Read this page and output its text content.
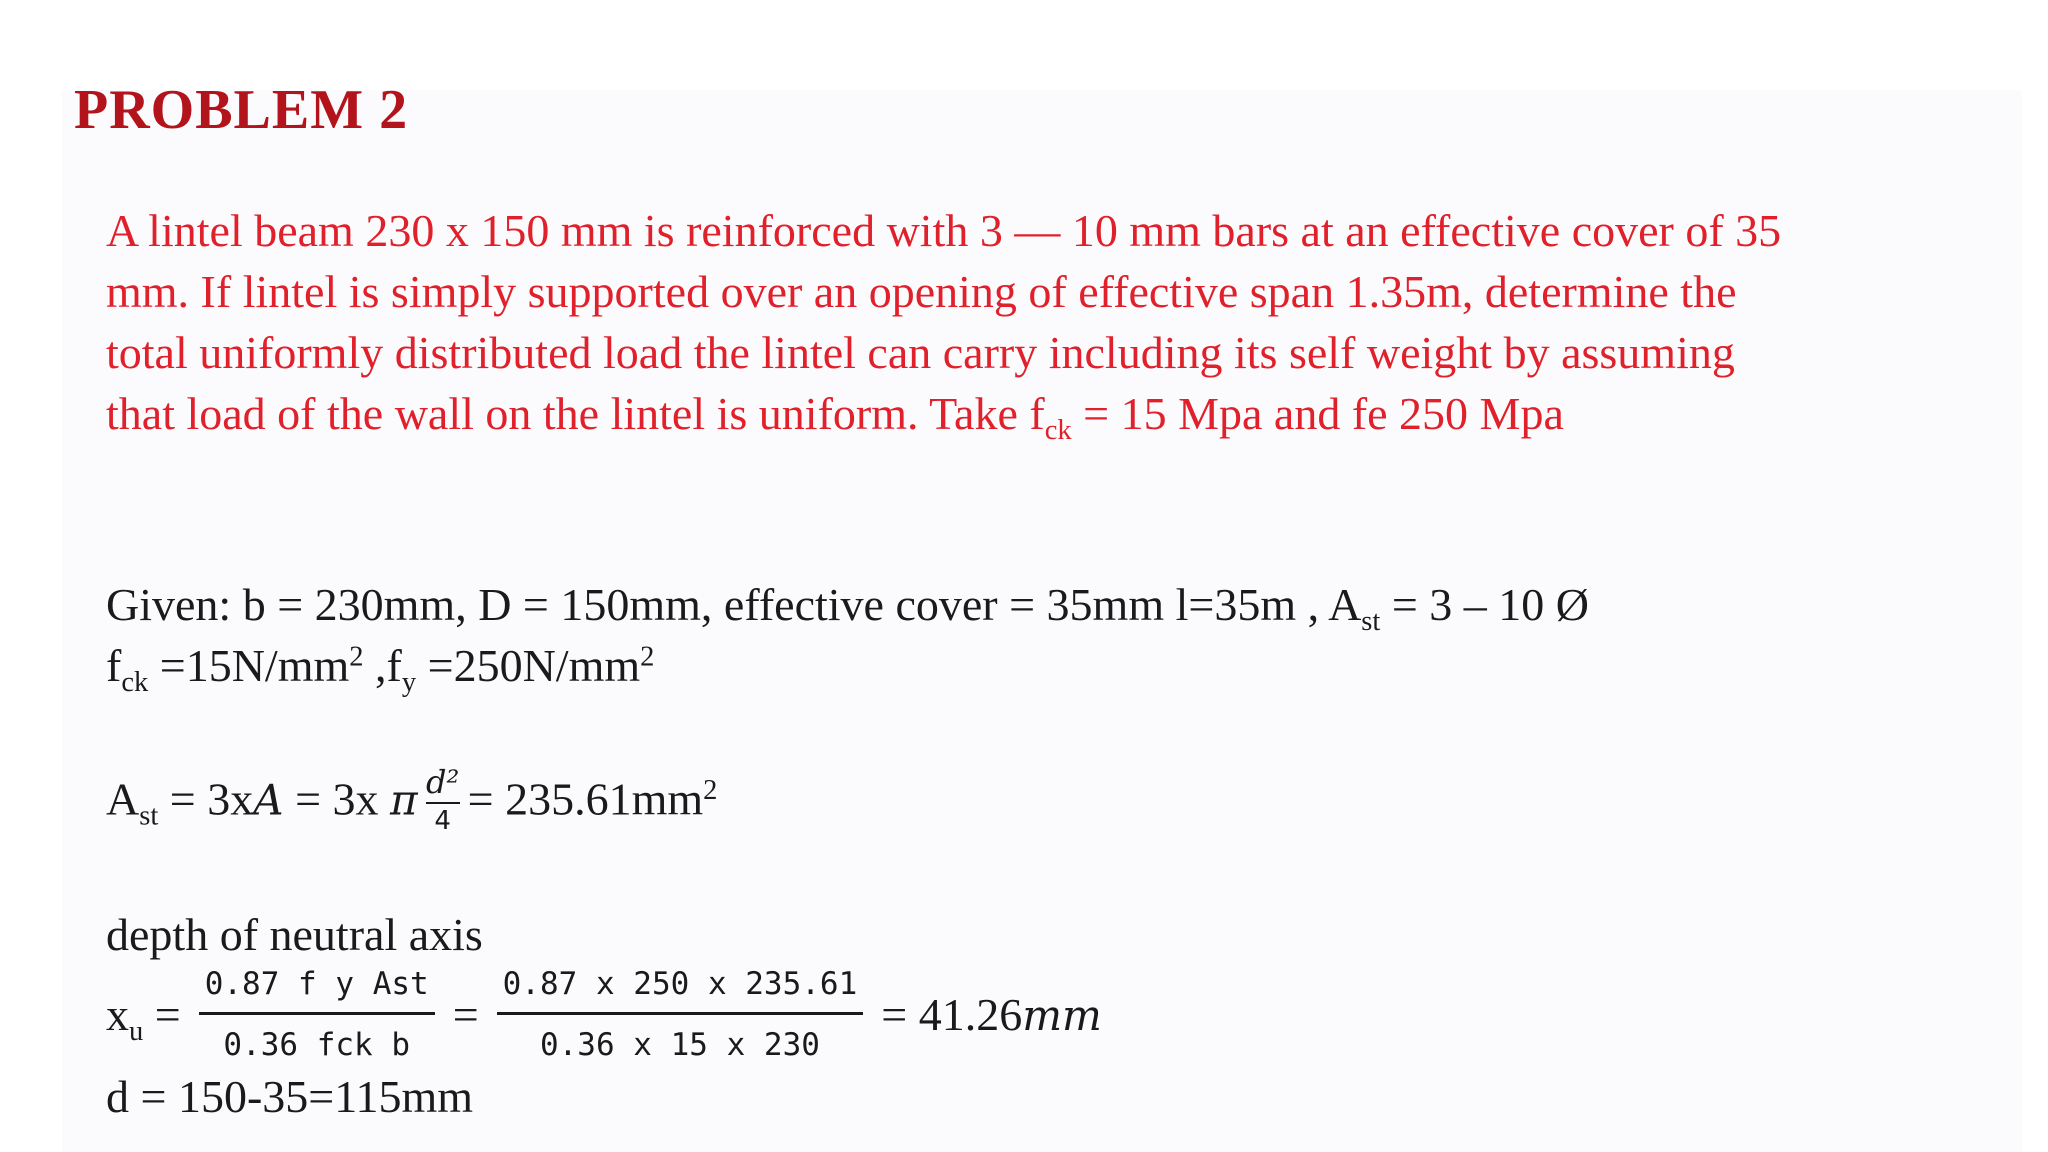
PROBLEM 2
A lintel beam 230 x 150 mm is reinforced with 3 — 10 mm bars at an effective cover of 35
mm. If lintel is simply supported over an opening of effective span 1.35m, determine the
total uniformly distributed load the lintel can carry including its self weight by assuming
that load of the wall on the lintel is uniform. Take $f_{ck} = 15$ Mpa and fe 250 Mpa
Given: b = 230mm, D = 150mm, effective cover = 35mm l=35m , $A_{st} = 3 - 10$ Ø
$f_{ck} =15N/mm^2$ $,f_y =250N/mm^2$
$A_{st} = 3xA = 3x$ π $\frac{\text{d²}}{4} = 235.61mm^2$
depth of neutral axis
$x_u = \frac{\text{0.87 f y Ast}}{\text{0.36 fck b}} = \frac{0.87 x 250 x 235.61}{0.36 x 15 x 230} = 41.26mm$
d = 150-35=115mm
